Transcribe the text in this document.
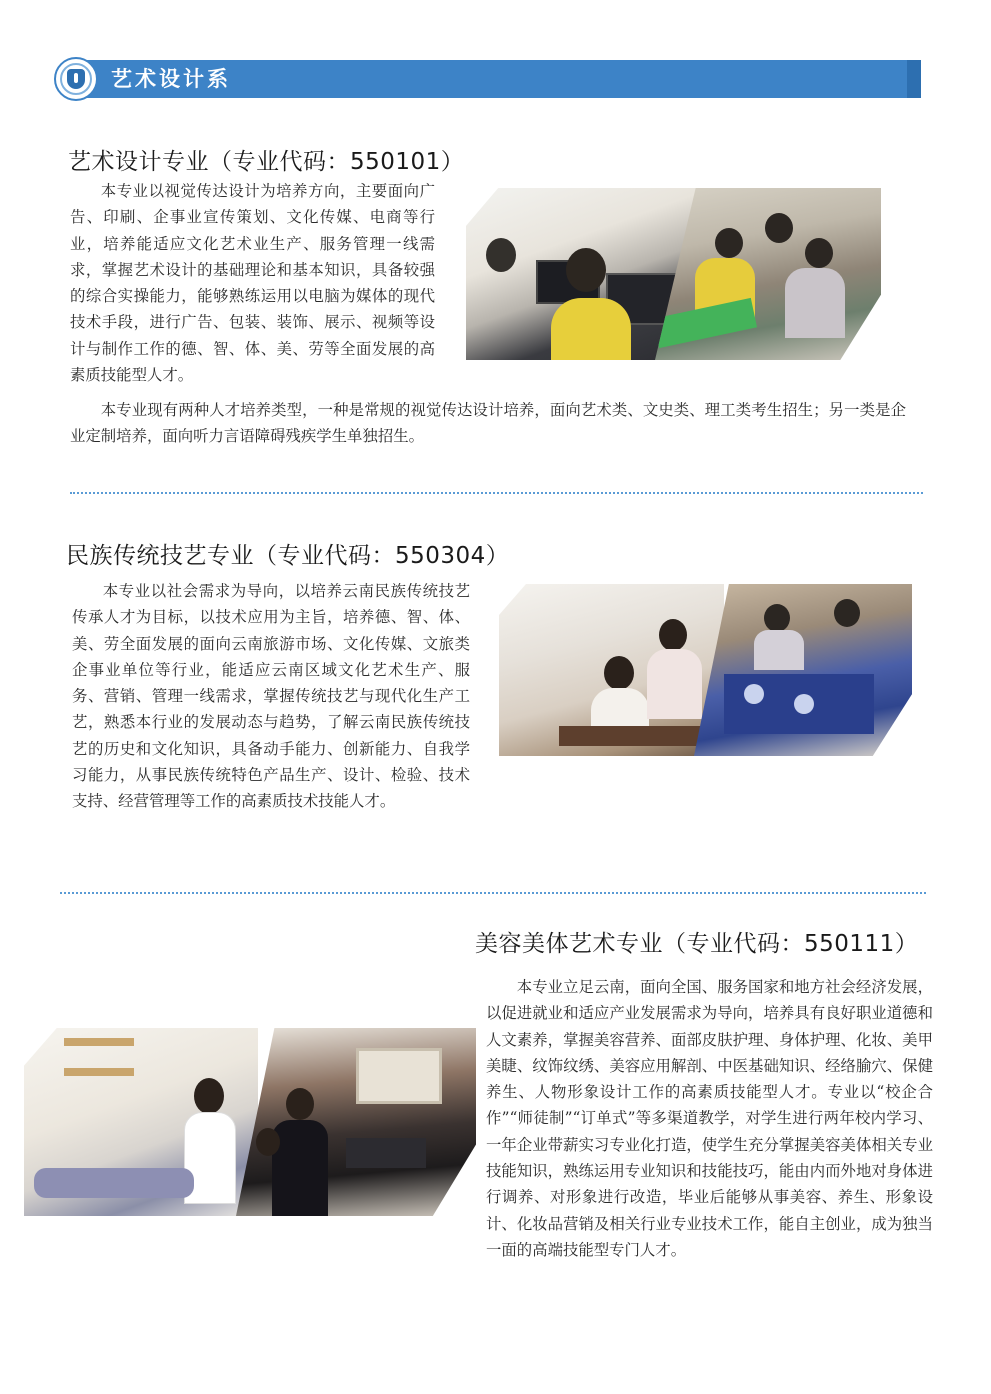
艺术设计系
艺术设计专业（专业代码：550101）

本专业以视觉传达设计为培养方向，主要面向广告、印刷、企事业宣传策划、文化传媒、电商等行业，培养能适应文化艺术业生产、服务管理一线需求，掌握艺术设计的基础理论和基本知识，具备较强的综合实操能力，能够熟练运用以电脑为媒体的现代技术手段，进行广告、包装、装饰、展示、视频等设计与制作工作的德、智、体、美、劳等全面发展的高素质技能型人才。

本专业现有两种人才培养类型，一种是常规的视觉传达设计培养，面向艺术类、文史类、理工类考生招生；另一类是企业定制培养，面向听力言语障碍残疾学生单独招生。

民族传统技艺专业（专业代码：550304）

本专业以社会需求为导向，以培养云南民族传统技艺传承人才为目标，以技术应用为主旨，培养德、智、体、美、劳全面发展的面向云南旅游市场、文化传媒、文旅类企事业单位等行业，能适应云南区域文化艺术生产、服务、营销、管理一线需求，掌握传统技艺与现代化生产工艺，熟悉本行业的发展动态与趋势，了解云南民族传统技艺的历史和文化知识，具备动手能力、创新能力、自我学习能力，从事民族传统特色产品生产、设计、检验、技术支持、经营管理等工作的高素质技术技能人才。

美容美体艺术专业（专业代码：550111）

本专业立足云南，面向全国、服务国家和地方社会经济发展，以促进就业和适应产业发展需求为导向，培养具有良好职业道德和人文素养，掌握美容营养、面部皮肤护理、身体护理、化妆、美甲美睫、纹饰纹绣、美容应用解剖、中医基础知识、经络腧穴、保健养生、人物形象设计工作的高素质技能型人才。专业以“校企合作”“师徒制”“订单式”等多渠道教学，对学生进行两年校内学习、一年企业带薪实习专业化打造，使学生充分掌握美容美体相关专业技能知识，熟练运用专业知识和技能技巧，能由内而外地对身体进行调养、对形象进行改造，毕业后能够从事美容、养生、形象设计、化妆品营销及相关行业专业技术工作，能自主创业，成为独当一面的高端技能型专门人才。
